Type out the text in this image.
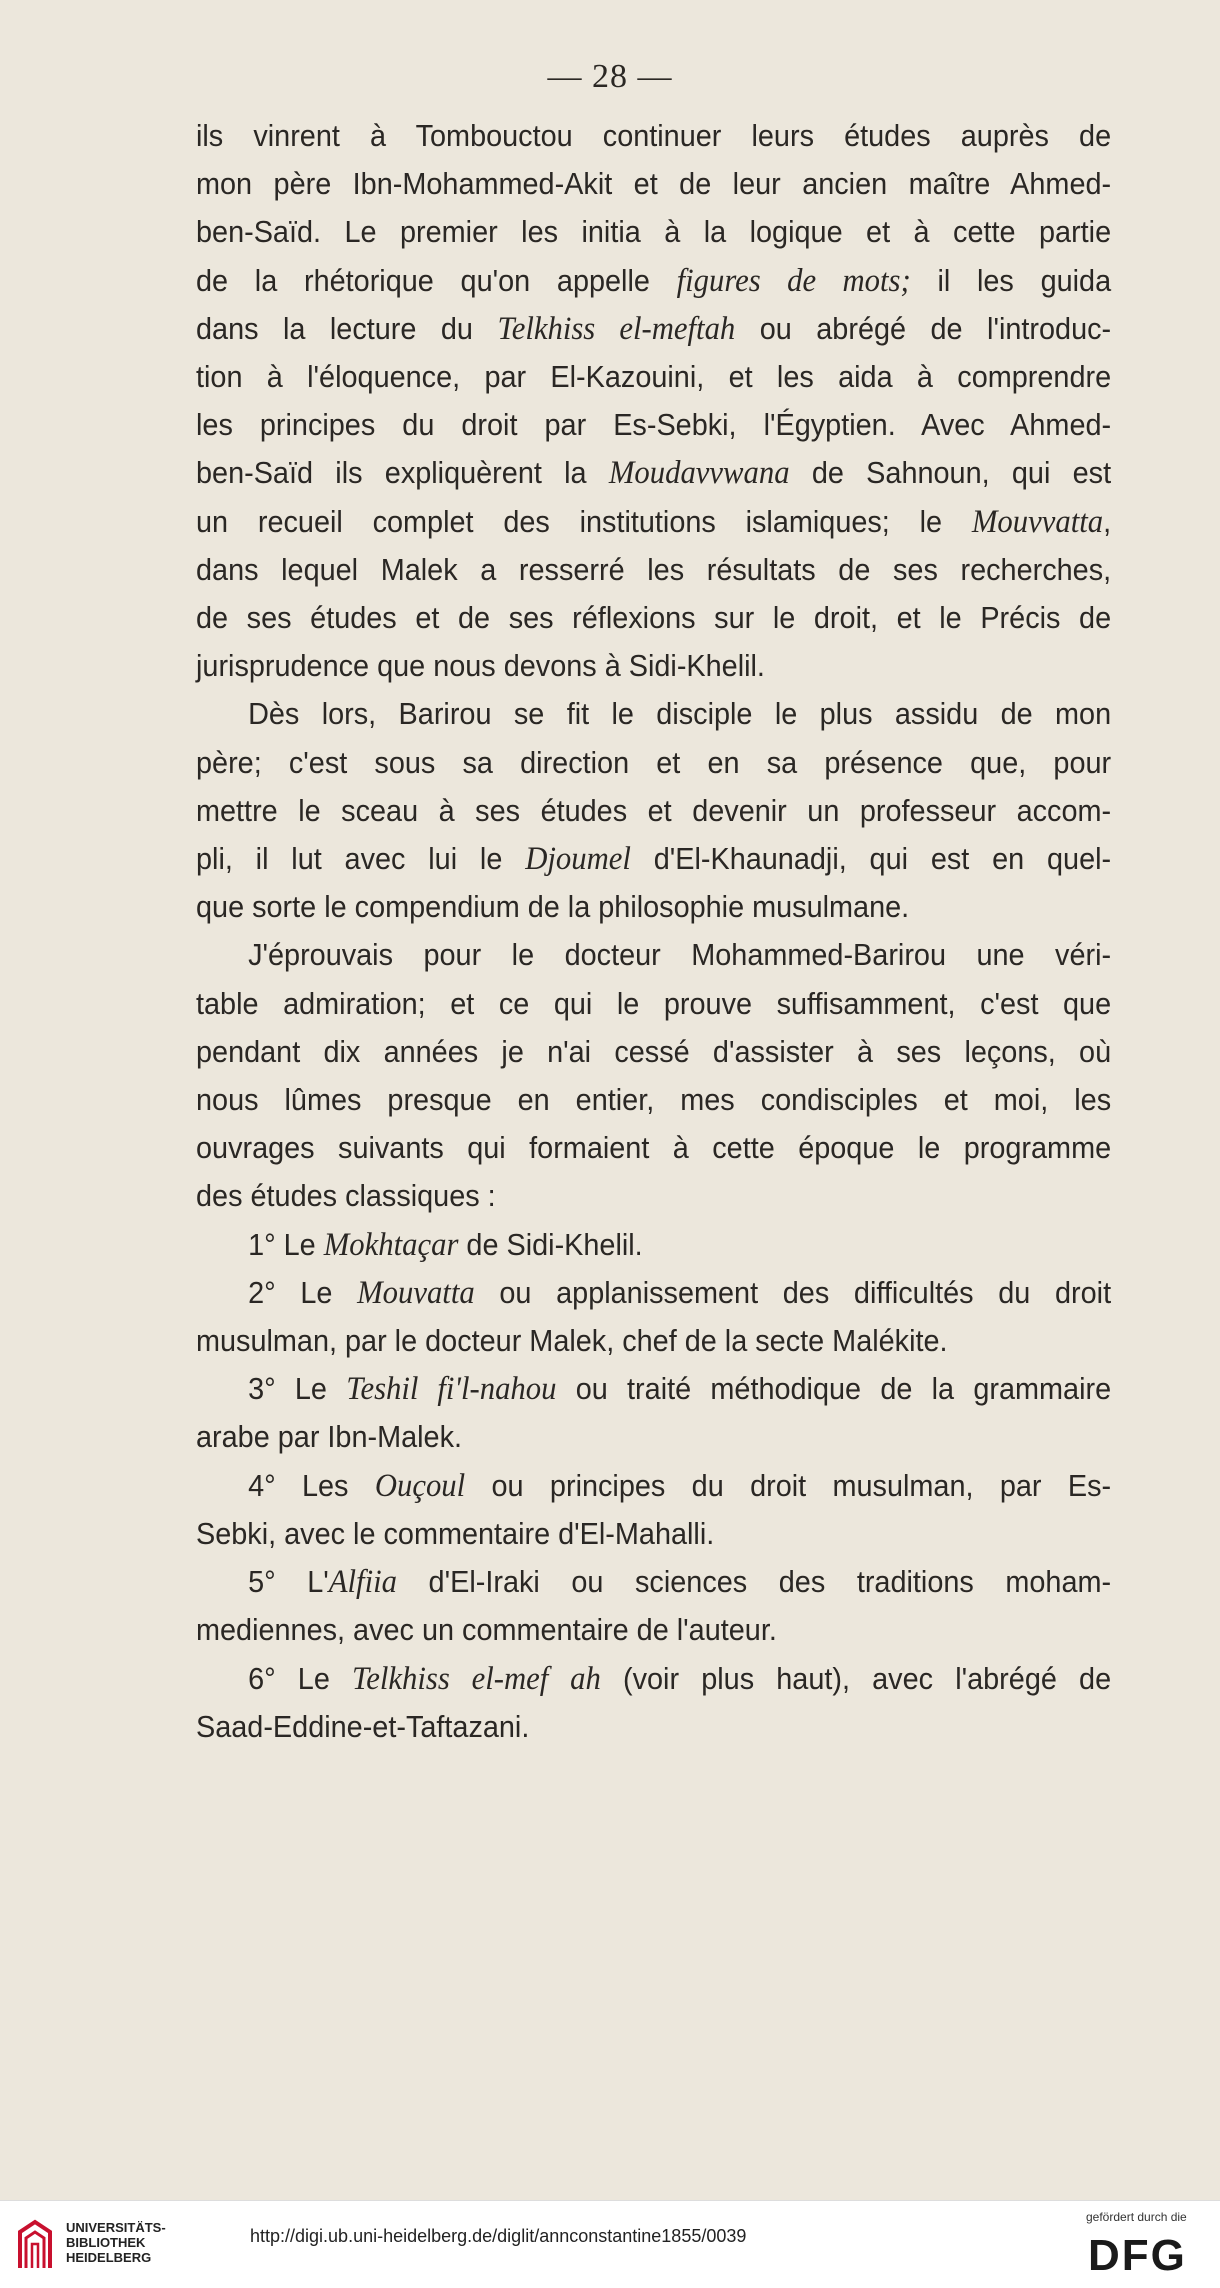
— 28 —

ils vinrent à Tombouctou continuer leurs études auprès de

mon père Ibn-Mohammed-Akit et de leur ancien maître Ahmed-

ben-Saïd. Le premier les initia à la logique et à cette partie

de la rhétorique qu'on appelle figures de mots; il les guida

dans la lecture du Telkhiss el-meftah ou abrégé de l'introduc-

tion à l'éloquence, par El-Kazouini, et les aida à comprendre

les principes du droit par Es-Sebki, l'Égyptien. Avec Ahmed-

ben-Saïd ils expliquèrent la Moudavvwana de Sahnoun, qui est

un recueil complet des institutions islamiques; le Mouvvatta,

dans lequel Malek a resserré les résultats de ses recherches,

de ses études et de ses réflexions sur le droit, et le Précis de

jurisprudence que nous devons à Sidi-Khelil.

Dès lors, Barirou se fit le disciple le plus assidu de mon

père; c'est sous sa direction et en sa présence que, pour

mettre le sceau à ses études et devenir un professeur accom-

pli, il lut avec lui le Djoumel d'El-Khaunadji, qui est en quel-

que sorte le compendium de la philosophie musulmane.

J'éprouvais pour le docteur Mohammed-Barirou une véri-

table admiration; et ce qui le prouve suffisamment, c'est que

pendant dix années je n'ai cessé d'assister à ses leçons, où

nous lûmes presque en entier, mes condisciples et moi, les

ouvrages suivants qui formaient à cette époque le programme

des études classiques :

1° Le Mokhtaçar de Sidi-Khelil.

2° Le Mouvatta ou applanissement des difficultés du droit

musulman, par le docteur Malek, chef de la secte Malékite.

3° Le Teshil fi'l-nahou ou traité méthodique de la grammaire

arabe par Ibn-Malek.

4° Les Ouçoul ou principes du droit musulman, par Es-

Sebki, avec le commentaire d'El-Mahalli.

5° L'Alfiia d'El-Iraki ou sciences des traditions moham-

mediennes, avec un commentaire de l'auteur.

6° Le Telkhiss el-mef ah (voir plus haut), avec l'abrégé de

Saad-Eddine-et-Taftazani.

UNIVERSITÄTS-
BIBLIOTHEK
HEIDELBERG
http://digi.ub.uni-heidelberg.de/diglit/annconstantine1855/0039
gefördert durch die
DFG
